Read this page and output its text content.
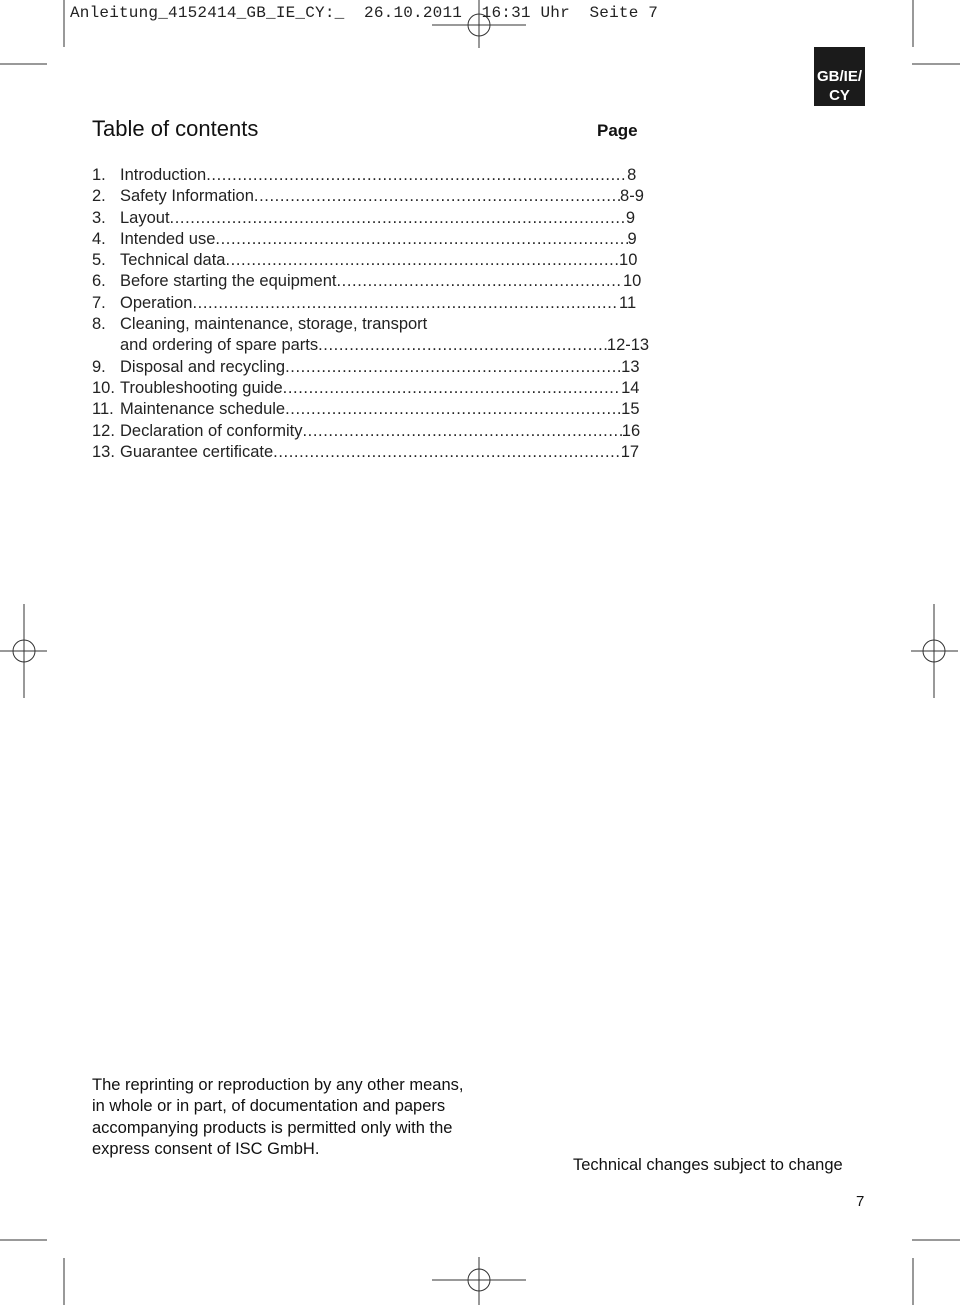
Anleitung_4152414_GB_IE_CY:_  26.10.2011  16:31 Uhr  Seite 7
GB/IE/
CY
Table of contents	Page
1. Introduction .....	8
2. Safety Information .....	8-9
3. Layout .....	9
4. Intended use .....	9
5. Technical data .....	10
6. Before starting the equipment .....	10
7. Operation .....	11
8. Cleaning, maintenance, storage, transport
and ordering of spare parts .....	12-13
9. Disposal and recycling .....	13
10. Troubleshooting guide .....	14
11. Maintenance schedule .....	15
12. Declaration of conformity .....	16
13. Guarantee certificate .....	17

The reprinting or reproduction by any other means, in whole or in part, of documentation and papers accompanying products is permitted only with the express consent of ISC GmbH.

Technical changes subject to change

7
